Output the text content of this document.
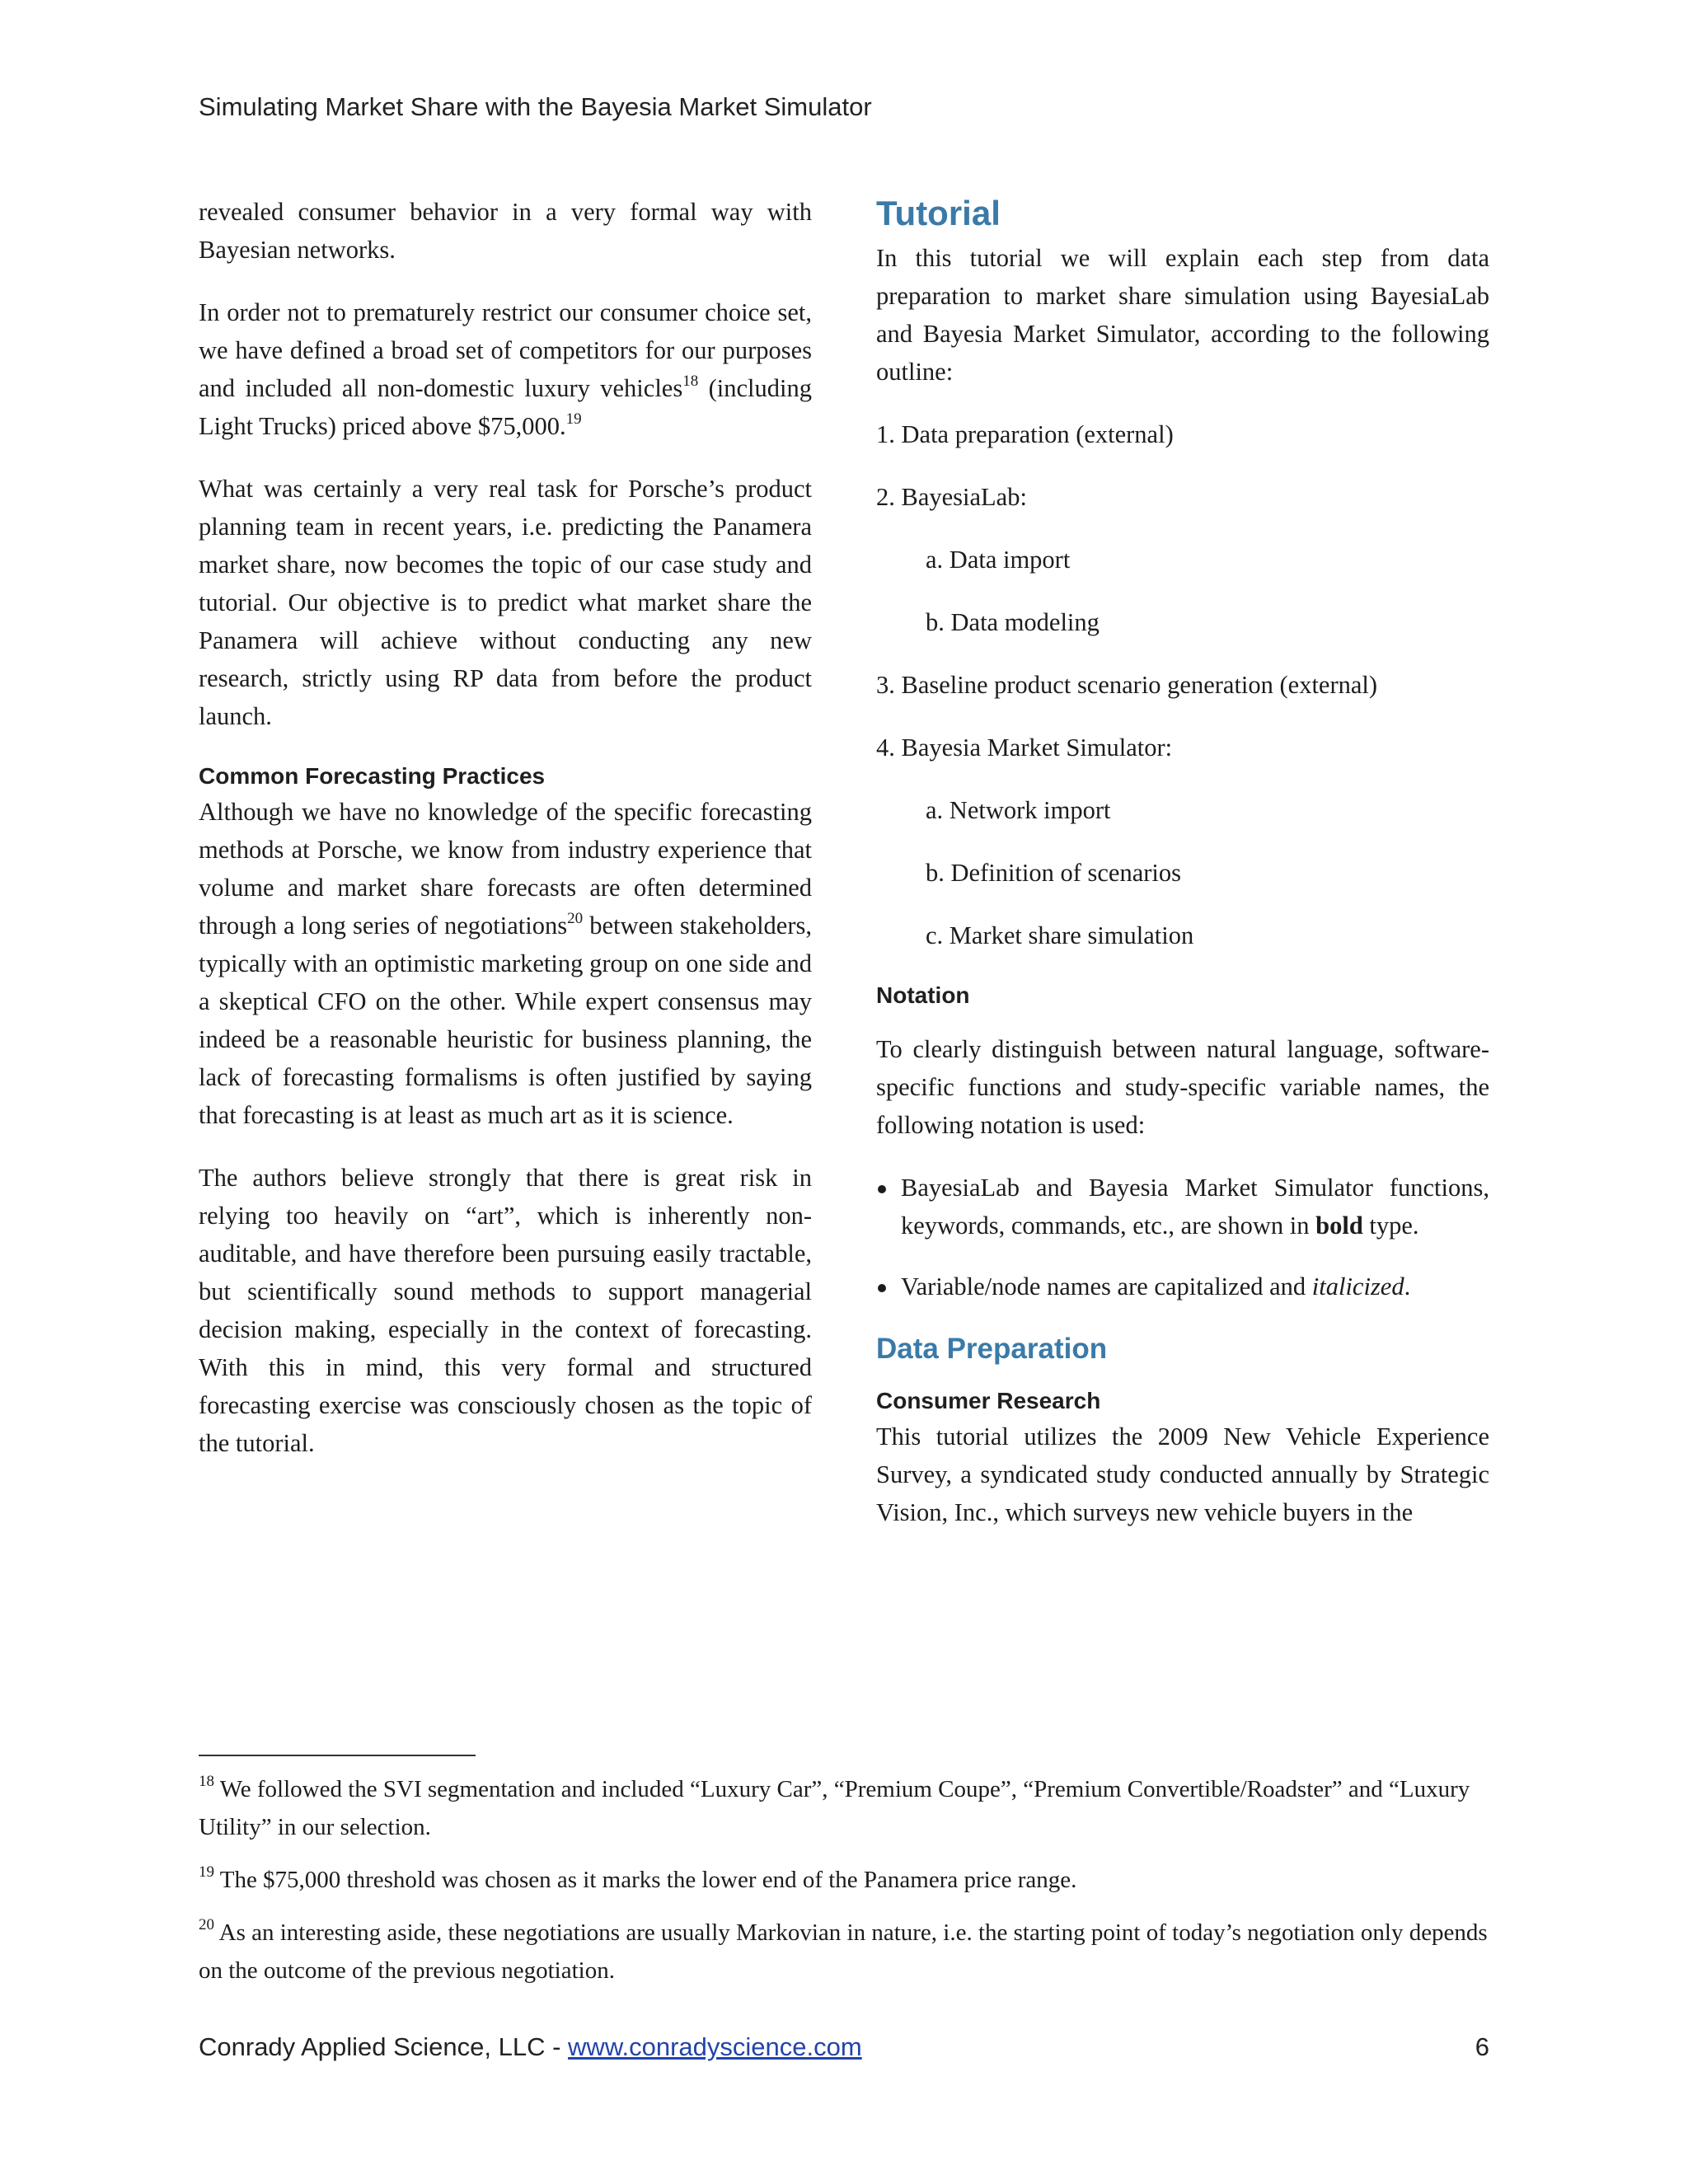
Simulating Market Share with the Bayesia Market Simulator

revealed consumer behavior in a very formal way with Bayesian networks.

In order not to prematurely restrict our consumer choice set, we have defined a broad set of competitors for our purposes and included all non-domestic luxury vehicles$^{18}$ (including Light Trucks) priced above $75,000.19

What was certainly a very real task for Porsche’s product planning team in recent years, i.e. predicting the Panamera market share, now becomes the topic of our case study and tutorial. Our objective is to predict what market share the Panamera will achieve without conducting any new research, strictly using RP data from before the product launch.

Common Forecasting Practices

Although we have no knowledge of the specific forecasting methods at Porsche, we know from industry experience that volume and market share forecasts are often determined through a long series of negotiations$^{20}$ between stakeholders, typically with an optimistic marketing group on one side and a skeptical CFO on the other. While expert consensus may indeed be a reasonable heuristic for business planning, the lack of forecasting formalisms is often justified by saying that forecasting is at least as much art as it is science.

The authors believe strongly that there is great risk in relying too heavily on “art”, which is inherently non-auditable, and have therefore been pursuing easily tractable, but scientifically sound methods to support managerial decision making, especially in the context of forecasting. With this in mind, this very formal and structured forecasting exercise was consciously chosen as the topic of the tutorial.

Tutorial

In this tutorial we will explain each step from data preparation to market share simulation using BayesiaLab and Bayesia Market Simulator, according to the following outline:

1. Data preparation (external)
2. BayesiaLab:
a. Data import
b. Data modeling
3. Baseline product scenario generation (external)
4. Bayesia Market Simulator:
a. Network import
b. Definition of scenarios
c. Market share simulation
Notation

To clearly distinguish between natural language, software-specific functions and study-specific variable names, the following notation is used:

BayesiaLab and Bayesia Market Simulator functions, keywords, commands, etc., are shown in bold type.
Variable/node names are capitalized and italicized.
Data Preparation
Consumer Research

This tutorial utilizes the 2009 New Vehicle Experience Survey, a syndicated study conducted annually by Strategic Vision, Inc., which surveys new vehicle buyers in the

$^{18}$ We followed the SVI segmentation and included “Luxury Car”, “Premium Coupe”, “Premium Convertible/Roadster” and “Luxury Utility” in our selection.

$^{19}$ The $75,000 threshold was chosen as it marks the lower end of the Panamera price range.

$^{20}$ As an interesting aside, these negotiations are usually Markovian in nature, i.e. the starting point of today’s negotiation only depends on the outcome of the previous negotiation.

Conrady Applied Science, LLC - www.conradyscience.com	6
